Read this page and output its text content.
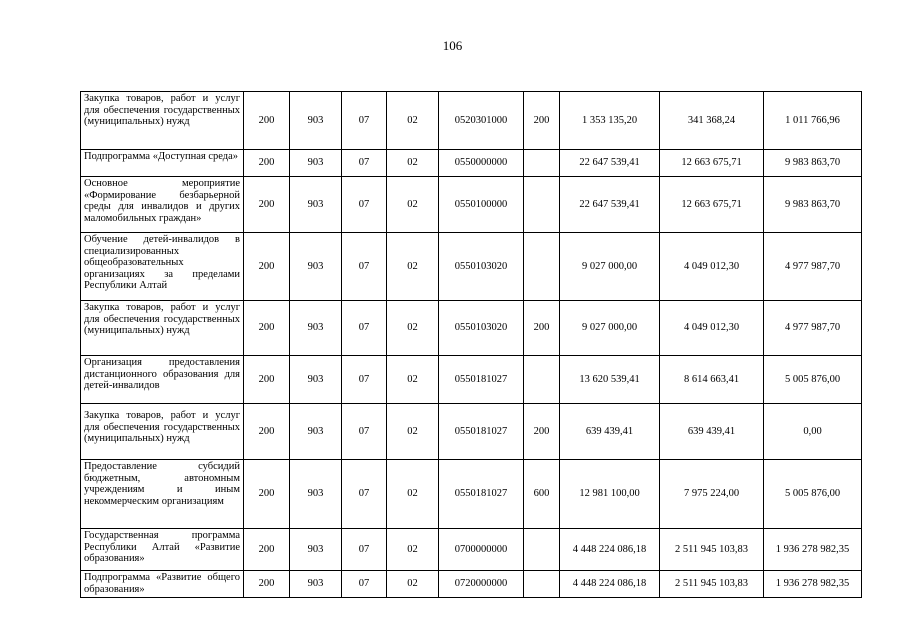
106
Закупка товаров, работ и услуг для обеспечения государственных (муниципальных) нужд	200	903	07	02	0520301000	200	1 353 135,20	341 368,24	1 011 766,96
Подпрограмма «Доступная среда»	200	903	07	02	0550000000		22 647 539,41	12 663 675,71	9 983 863,70
Основное мероприятие «Формирование безбарьерной среды для инвалидов и других маломобильных граждан»	200	903	07	02	0550100000		22 647 539,41	12 663 675,71	9 983 863,70
Обучение детей-инвалидов в специализированных общеобразовательных организациях за пределами Республики Алтай	200	903	07	02	0550103020		9 027 000,00	4 049 012,30	4 977 987,70
Закупка товаров, работ и услуг для обеспечения государственных (муниципальных) нужд	200	903	07	02	0550103020	200	9 027 000,00	4 049 012,30	4 977 987,70
Организация предоставления дистанционного образования для детей-инвалидов	200	903	07	02	0550181027		13 620 539,41	8 614 663,41	5 005 876,00
Закупка товаров, работ и услуг для обеспечения государственных (муниципальных) нужд	200	903	07	02	0550181027	200	639 439,41	639 439,41	0,00
Предоставление субсидий бюджетным, автономным учреждениям и иным некоммерческим организациям	200	903	07	02	0550181027	600	12 981 100,00	7 975 224,00	5 005 876,00
Государственная программа Республики Алтай «Развитие образования»	200	903	07	02	0700000000		4 448 224 086,18	2 511 945 103,83	1 936 278 982,35
Подпрограмма «Развитие общего образования»	200	903	07	02	0720000000		4 448 224 086,18	2 511 945 103,83	1 936 278 982,35
